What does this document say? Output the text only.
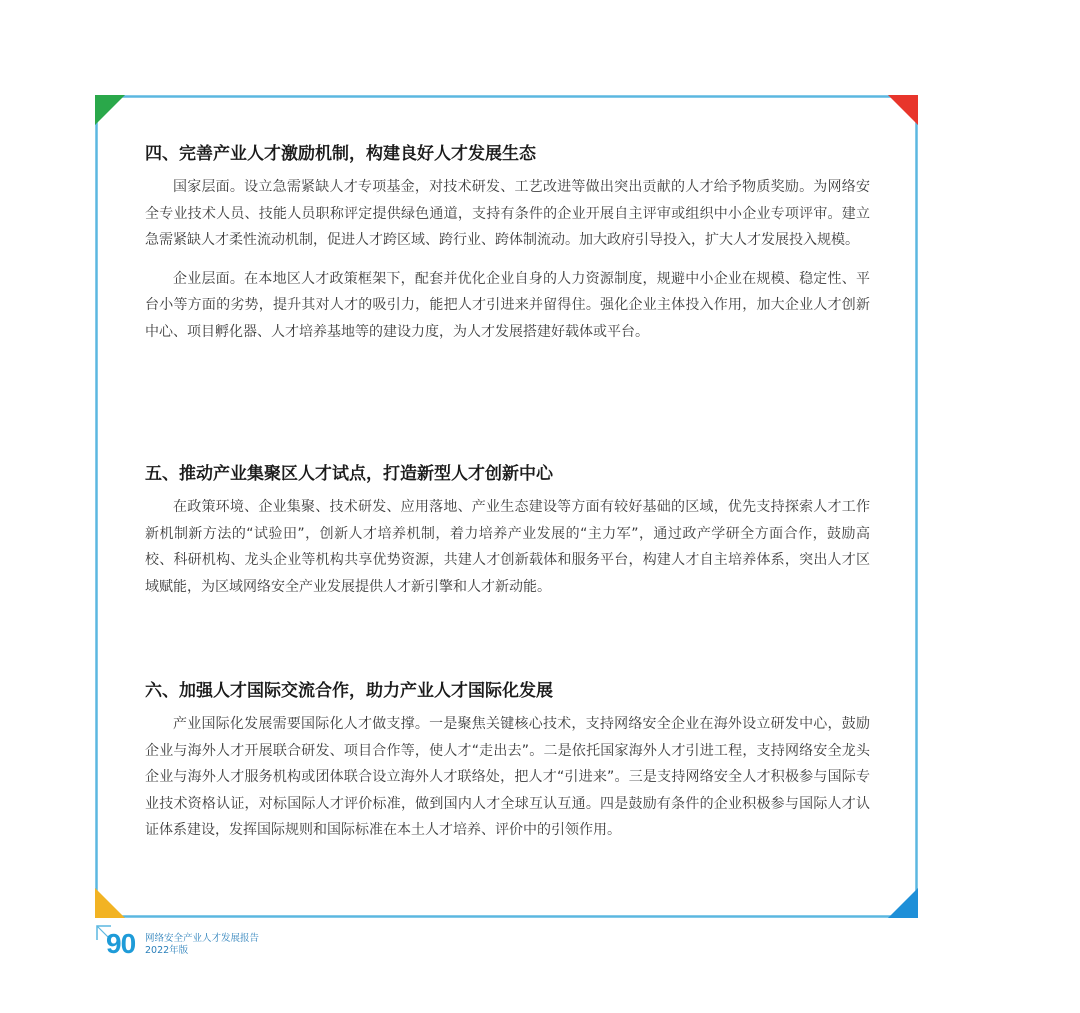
四、完善产业人才激励机制，构建良好人才发展生态

国家层面。设立急需紧缺人才专项基金，对技术研发、工艺改进等做出突出贡献的人才给予物质奖励。为网络安全专业技术人员、技能人员职称评定提供绿色通道，支持有条件的企业开展自主评审或组织中小企业专项评审。建立急需紧缺人才柔性流动机制，促进人才跨区域、跨行业、跨体制流动。加大政府引导投入，扩大人才发展投入规模。

企业层面。在本地区人才政策框架下，配套并优化企业自身的人力资源制度，规避中小企业在规模、稳定性、平台小等方面的劣势，提升其对人才的吸引力，能把人才引进来并留得住。强化企业主体投入作用，加大企业人才创新中心、项目孵化器、人才培养基地等的建设力度，为人才发展搭建好载体或平台。

五、推动产业集聚区人才试点，打造新型人才创新中心

在政策环境、企业集聚、技术研发、应用落地、产业生态建设等方面有较好基础的区域，优先支持探索人才工作新机制新方法的“试验田”，创新人才培养机制，着力培养产业发展的“主力军”，通过政产学研全方面合作，鼓励高校、科研机构、龙头企业等机构共享优势资源，共建人才创新载体和服务平台，构建人才自主培养体系，突出人才区域赋能，为区域网络安全产业发展提供人才新引擎和人才新动能。

六、加强人才国际交流合作，助力产业人才国际化发展

产业国际化发展需要国际化人才做支撑。一是聚焦关键核心技术，支持网络安全企业在海外设立研发中心，鼓励企业与海外人才开展联合研发、项目合作等，使人才“走出去”。二是依托国家海外人才引进工程，支持网络安全龙头企业与海外人才服务机构或团体联合设立海外人才联络处，把人才“引进来”。三是支持网络安全人才积极参与国际专业技术资格认证，对标国际人才评价标准，做到国内人才全球互认互通。四是鼓励有条件的企业积极参与国际人才认证体系建设，发挥国际规则和国际标准在本土人才培养、评价中的引领作用。

90 网络安全产业人才发展报告
2022年版
